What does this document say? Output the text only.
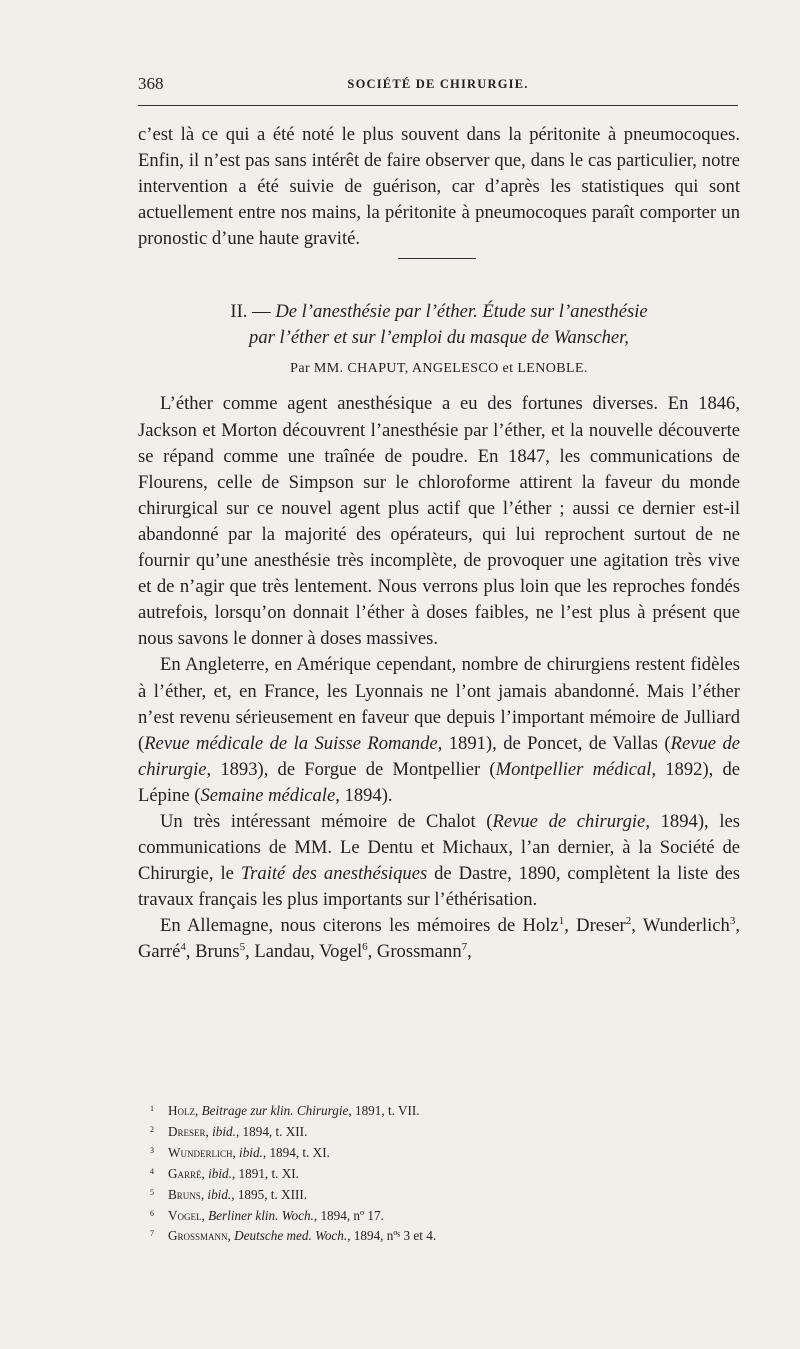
368	SOCIÉTÉ DE CHIRURGIE.

c’est là ce qui a été noté le plus souvent dans la péritonite à pneumocoques. Enfin, il n’est pas sans intérêt de faire observer que, dans le cas particulier, notre intervention a été suivie de guérison, car d’après les statistiques qui sont actuellement entre nos mains, la péritonite à pneumocoques paraît comporter un pronostic d’une haute gravité.

II. — De l’anesthésie par l’éther. Étude sur l’anesthésie
par l’éther et sur l’emploi du masque de Wanscher,
Par MM. CHAPUT, ANGELESCO et LENOBLE.

L’éther comme agent anesthésique a eu des fortunes diverses. En 1846, Jackson et Morton découvrent l’anesthésie par l’éther, et la nouvelle découverte se répand comme une traînée de poudre. En 1847, les communications de Flourens, celle de Simpson sur le chloroforme attirent la faveur du monde chirurgical sur ce nouvel agent plus actif que l’éther ; aussi ce dernier est-il abandonné par la majorité des opérateurs, qui lui reprochent surtout de ne fournir qu’une anesthésie très incomplète, de provoquer une agitation très vive et de n’agir que très lentement. Nous verrons plus loin que les reproches fondés autrefois, lorsqu’on donnait l’éther à doses faibles, ne l’est plus à présent que nous savons le donner à doses massives.

En Angleterre, en Amérique cependant, nombre de chirurgiens restent fidèles à l’éther, et, en France, les Lyonnais ne l’ont jamais abandonné. Mais l’éther n’est revenu sérieusement en faveur que depuis l’important mémoire de Julliard (Revue médicale de la Suisse Romande, 1891), de Poncet, de Vallas (Revue de chirurgie, 1893), de Forgue de Montpellier (Montpellier médical, 1892), de Lépine (Semaine médicale, 1894).

Un très intéressant mémoire de Chalot (Revue de chirurgie, 1894), les communications de MM. Le Dentu et Michaux, l’an dernier, à la Société de Chirurgie, le Traité des anesthésiques de Dastre, 1890, complètent la liste des travaux français les plus importants sur l’éthérisation.

En Allemagne, nous citerons les mémoires de Holz$^1$, Dreser$^2$, Wunderlich$^3$, Garré$^4$, Bruns$^5$, Landau, Vogel$^6$, Grossmann$^7$,

$^1$ Holz, Beitrage zur klin. Chirurgie, 1891, t. VII.
$^2$ Dreser, ibid., 1894, t. XII.
$^3$ Wunderlich, ibid., 1894, t. XI.
$^4$ Garré, ibid., 1891, t. XI.
$^5$ Bruns, ibid., 1895, t. XIII.
$^6$ Vogel, Berliner klin. Woch., 1894, nº 17.
$^7$ Grossmann, Deutsche med. Woch., 1894, nºˢ 3 et 4.
